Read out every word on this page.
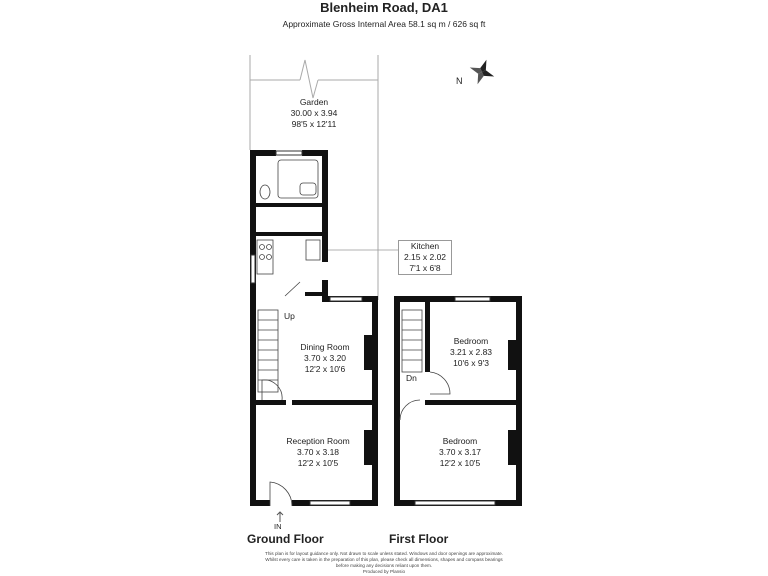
Blenheim Road, DA1
Approximate Gross Internal Area 58.1 sq m / 626 sq ft
N
Garden
30.00 x 3.94
98'5 x 12'11
Kitchen
2.15 x 2.02
7'1 x 6'8
Dining Room
3.70 x 3.20
12'2 x 10'6
Reception Room
3.70 x 3.18
12'2 x 10'5
Bedroom
3.21 x 2.83
10'6 x 9'3
Bedroom
3.70 x 3.17
12'2 x 10'5
Up
Dn
IN
Ground Floor	First Floor
This plan is for layout guidance only. Not drawn to scale unless stated. Windows and door openings are approximate. Whilst every care is taken in the preparation of this plan, please check all dimensions, shapes and compass bearings before making any decisions reliant upon them.
Produced by Plansio
